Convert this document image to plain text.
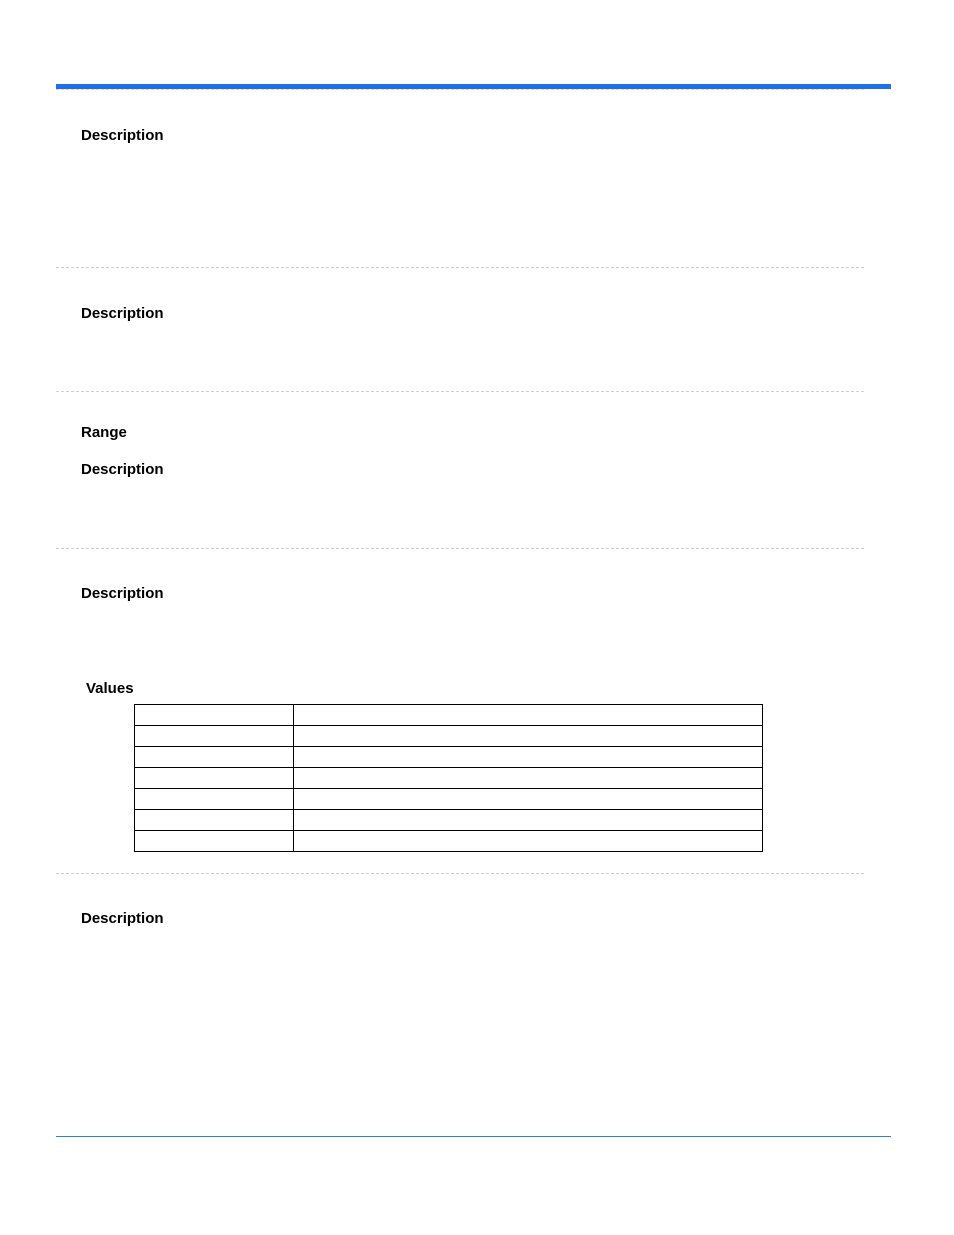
Description
Description
Range
Description
Description
Values

Description
